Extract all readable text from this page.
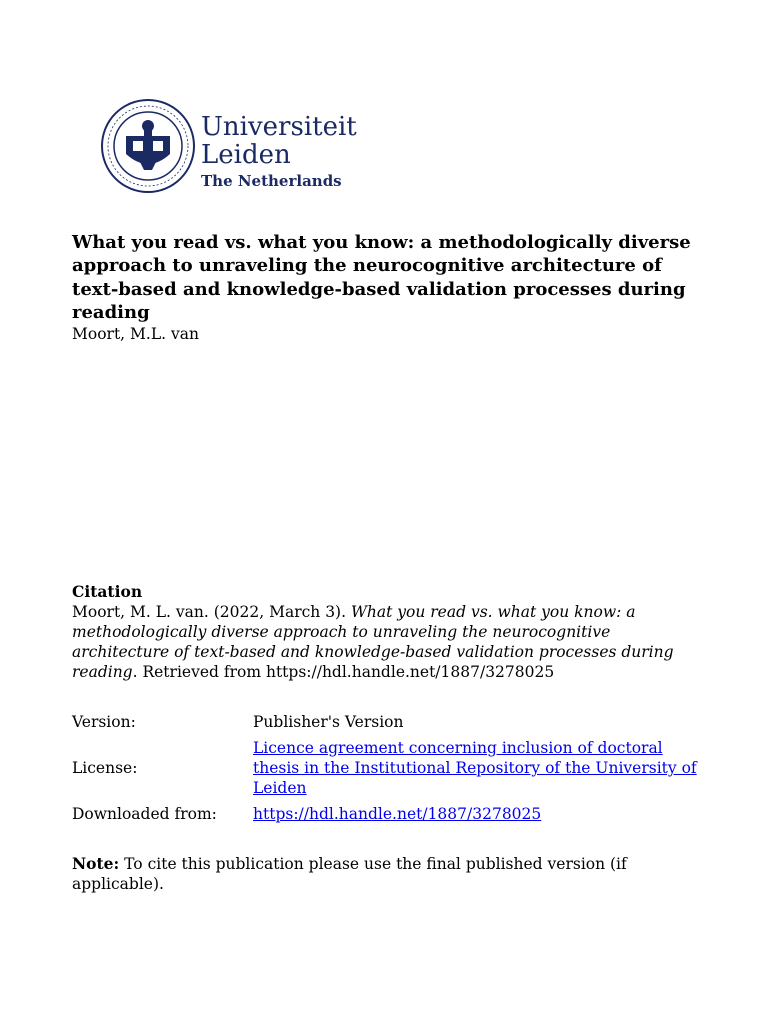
Universiteit
Leiden
The Netherlands
What you read vs. what you know: a methodologically diverse approach to unraveling the neurocognitive architecture of text-based and knowledge-based validation processes during reading
Moort, M.L. van
Citation
Moort, M. L. van. (2022, March 3). What you read vs. what you know: a methodologically diverse approach to unraveling the neurocognitive architecture of text-based and knowledge-based validation processes during reading. Retrieved from https://hdl.handle.net/1887/3278025
Version:	Publisher's Version
License:
Licence agreement concerning inclusion of doctoral thesis in the Institutional Repository of the University of Leiden
Downloaded from: https://hdl.handle.net/1887/3278025
Note: To cite this publication please use the final published version (if applicable).
